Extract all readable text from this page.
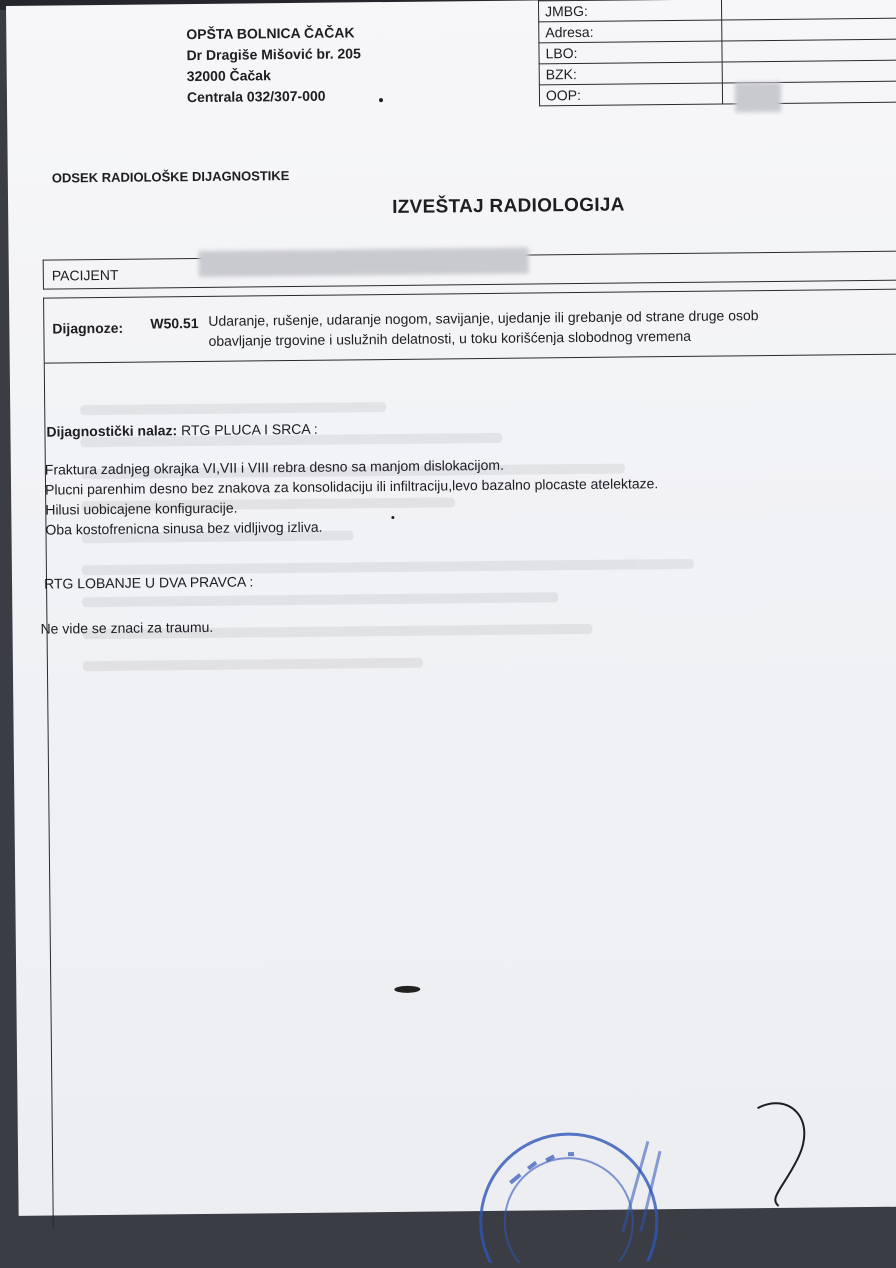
OPŠTA BOLNICA ČAČAK
Dr Dragiše Mišović br. 205
32000 Čačak
Centrala 032/307-000
JMBG:	
Adresa:	
LBO:	
BZK:	
OOP:	
ODSEK RADIOLOŠKE DIJAGNOSTIKE
IZVEŠTAJ RADIOLOGIJA
PACIJENT
Dijagnoze: W50.51 Udaranje, rušenje, udaranje nogom, savijanje, ujedanje ili grebanje od strane druge osob
obavljanje trgovine i uslužnih delatnosti, u toku korišćenja slobodnog vremena
Dijagnostički nalaz: RTG PLUCA I SRCA :
Fraktura zadnjeg okrajka VI,VII i VIII rebra desno sa manjom dislokacijom.
Plucni parenhim desno bez znakova za konsolidaciju ili infiltraciju,levo bazalno plocaste atelektaze.
Hilusi uobicajene konfiguracije.
Oba kostofrenicna sinusa bez vidljivog izliva.
RTG LOBANJE U DVA PRAVCA :
Ne vide se znaci za traumu.
